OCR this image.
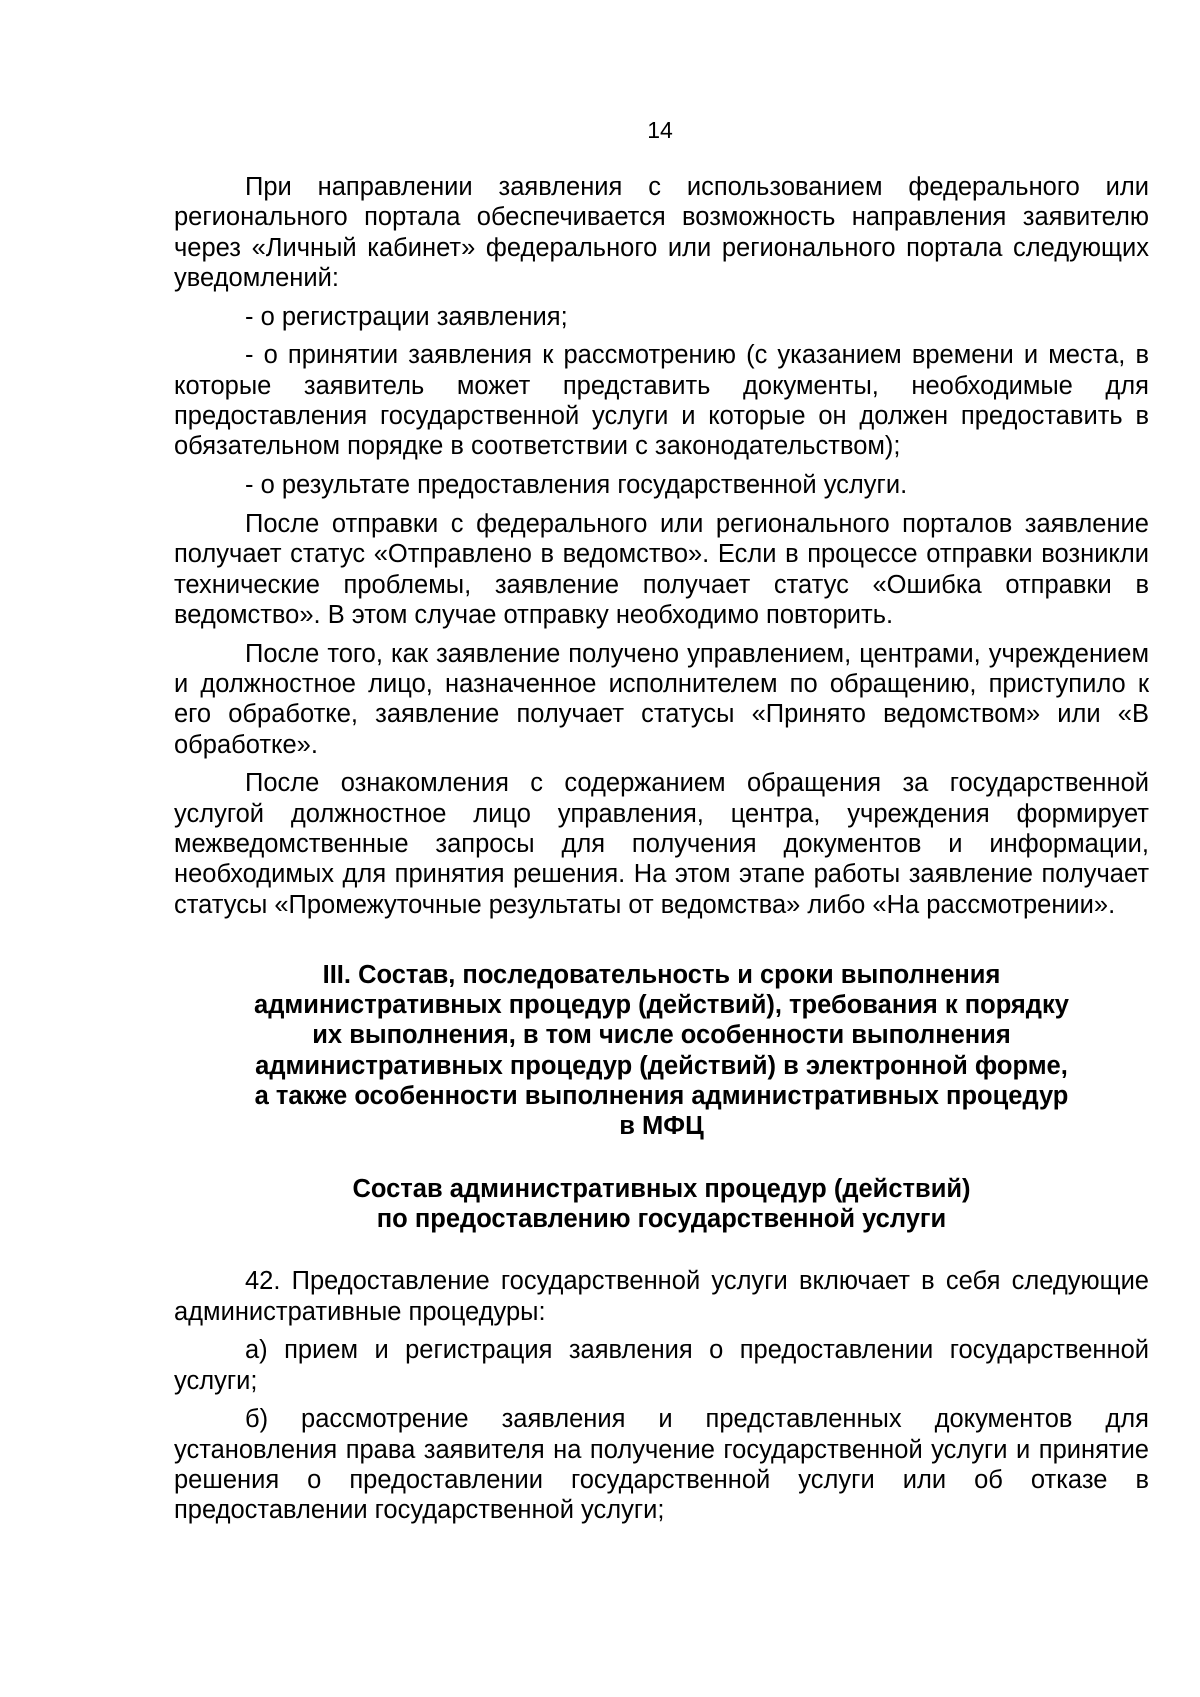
14

При направлении заявления с использованием федерального или регионального портала обеспечивается возможность направления заявителю через «Личный кабинет» федерального или регионального портала следующих уведомлений:

- о регистрации заявления;

- о принятии заявления к рассмотрению (с указанием времени и места, в которые заявитель может представить документы, необходимые для предоставления государственной услуги и которые он должен предоставить в обязательном порядке в соответствии с законодательством);

- о результате предоставления государственной услуги.

После отправки с федерального или регионального порталов заявление получает статус «Отправлено в ведомство». Если в процессе отправки возникли технические проблемы, заявление получает статус «Ошибка отправки в ведомство». В этом случае отправку необходимо повторить.

После того, как заявление получено управлением, центрами, учреждением и должностное лицо, назначенное исполнителем по обращению, приступило к его обработке, заявление получает статусы «Принято ведомством» или «В обработке».

После ознакомления с содержанием обращения за государственной услугой должностное лицо управления, центра, учреждения формирует межведомственные запросы для получения документов и информации, необходимых для принятия решения. На этом этапе работы заявление получает статусы «Промежуточные результаты от ведомства» либо «На рассмотрении».

III. Состав, последовательность и сроки выполнения
административных процедур (действий), требования к порядку
их выполнения, в том числе особенности выполнения
административных процедур (действий) в электронной форме,
а также особенности выполнения административных процедур
в МФЦ
Состав административных процедур (действий)
по предоставлению государственной услуги

42. Предоставление государственной услуги включает в себя следующие административные процедуры:

а) прием и регистрация заявления о предоставлении государственной услуги;

б) рассмотрение заявления и представленных документов для установления права заявителя на получение государственной услуги и принятие решения о предоставлении государственной услуги или об отказе в предоставлении государственной услуги;
